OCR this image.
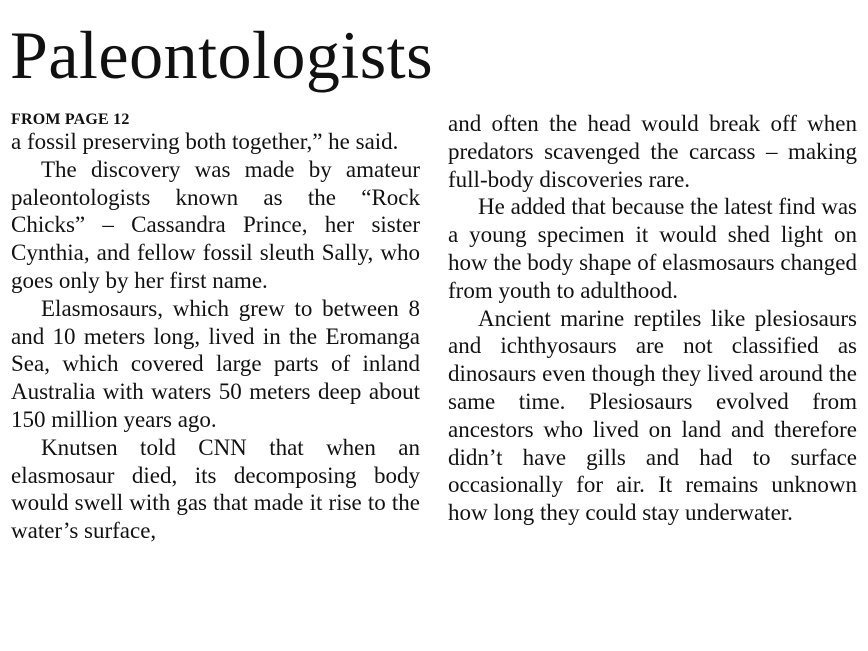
Paleontologists

FROM PAGE 12

a fossil preserving both together,” he said.

The discovery was made by amateur paleontologists known as the “Rock Chicks” – Cassandra Prince, her sister Cynthia, and fellow fossil sleuth Sally, who goes only by her first name.

Elasmosaurs, which grew to between 8 and 10 meters long, lived in the Eromanga Sea, which covered large parts of inland Australia with waters 50 meters deep about 150 million years ago.

Knutsen told CNN that when an elasmosaur died, its decomposing body would swell with gas that made it rise to the water’s surface,

and often the head would break off when predators scavenged the carcass – making full-body discoveries rare.

He added that because the latest find was a young specimen it would shed light on how the body shape of elasmosaurs changed from youth to adulthood.

Ancient marine reptiles like plesiosaurs and ichthyosaurs are not classified as dinosaurs even though they lived around the same time. Plesiosaurs evolved from ancestors who lived on land and therefore didn’t have gills and had to surface occasionally for air. It remains unknown how long they could stay underwater.
